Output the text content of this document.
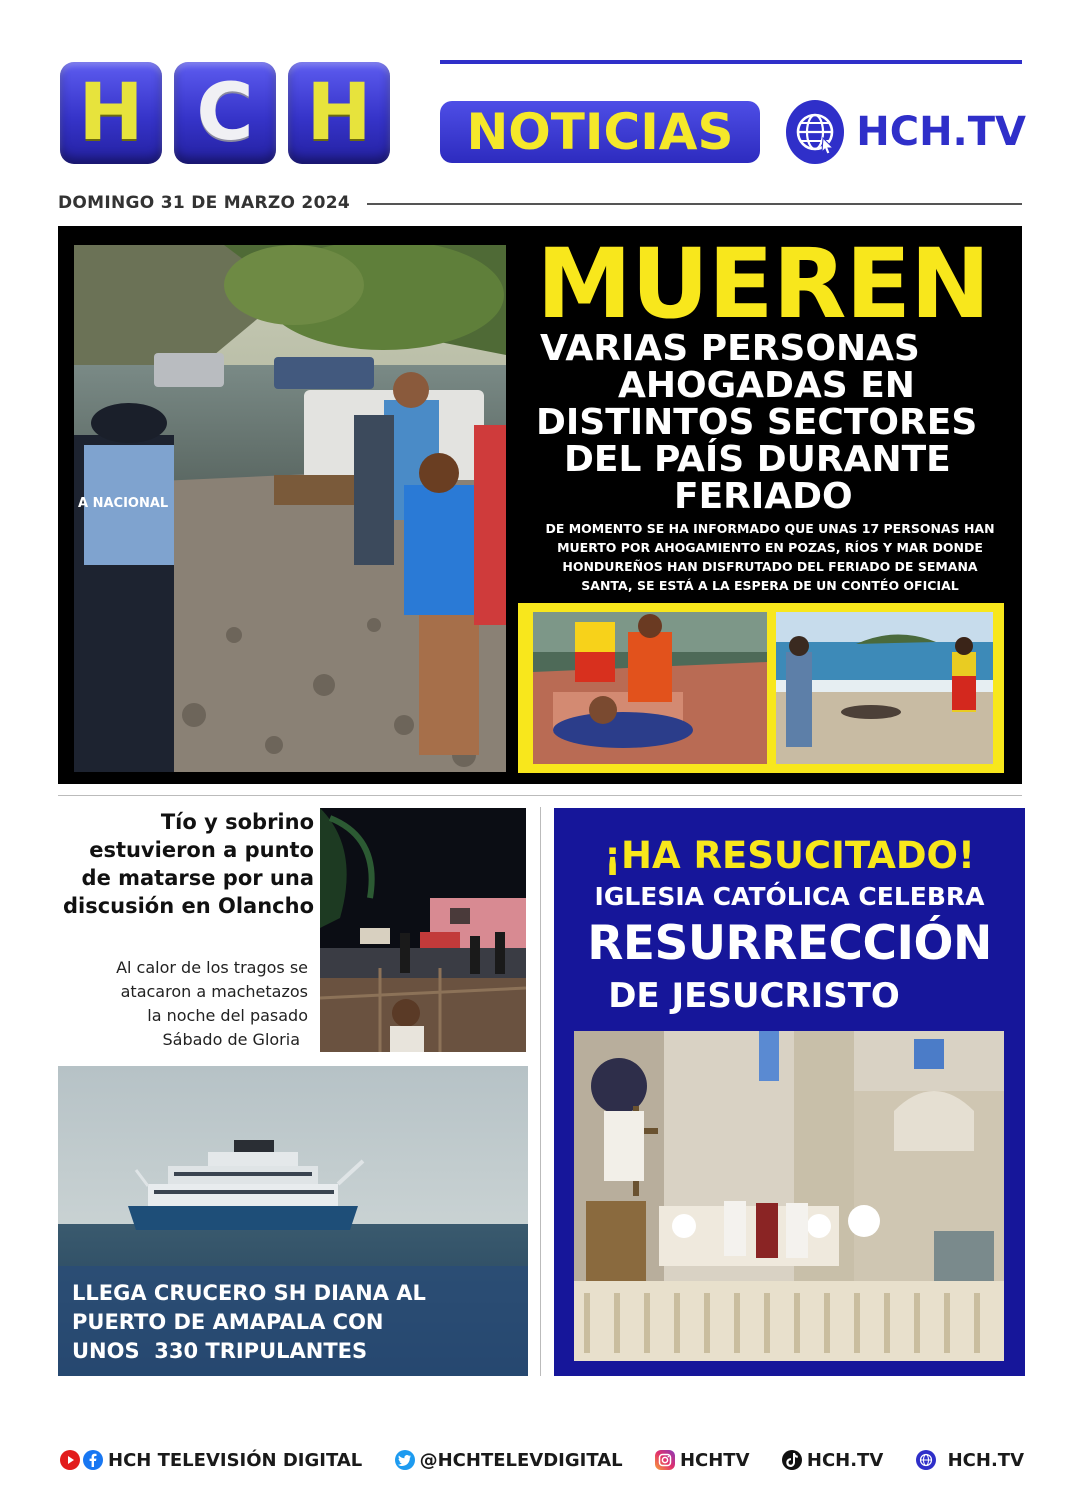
H C H NOTICIAS	HCH.TV
DOMINGO 31 DE MARZO 2024
A NACIONAL
MUEREN
VARIAS PERSONAS
AHOGADAS EN
DISTINTOS SECTORES
DEL PAÍS DURANTE
FERIADO
DE MOMENTO SE HA INFORMADO QUE UNAS 17 PERSONAS HAN MUERTO POR AHOGAMIENTO EN POZAS, RÍOS Y MAR DONDE HONDUREÑOS HAN DISFRUTADO DEL FERIADO DE SEMANA SANTA, SE ESTÁ A LA ESPERA DE UN CONTÉO OFICIAL
Tío y sobrino
estuvieron a punto
de matarse por una
discusión en Olancho
Al calor de los tragos se
atacaron a machetazos
la noche del pasado
Sábado de Gloria
LLEGA CRUCERO SH DIANA AL
PUERTO DE AMAPALA CON
UNOS  330 TRIPULANTES
¡HA RESUCITADO!
IGLESIA CATÓLICA CELEBRA
RESURRECCIÓN
DE JESUCRISTO
HCH TELEVISIÓN DIGITAL	@HCHTELEVDIGITAL	HCHTV	HCH.TV	HCH.TV
